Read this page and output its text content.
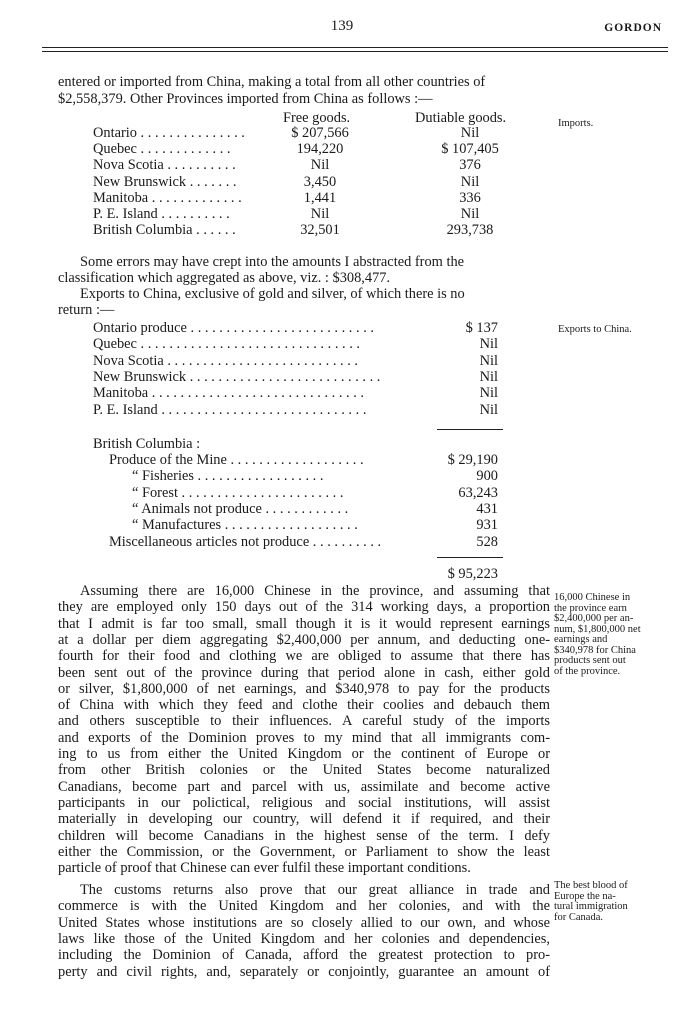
139	GORDON
entered or imported from China, making a total from all other countries of
$2,558,379. Other Provinces imported from China as follows :—
Free goods.	Dutiable goods.	Imports.
Ontario . . . . . . . . . . . . . . .	$ 207,566	Nil
Quebec . . . . . . . . . . . . .	194,220	$ 107,405
Nova Scotia . . . . . . . . . .	Nil	376
New Brunswick . . . . . . .	3,450	Nil
Manitoba . . . . . . . . . . . . .	1,441	336
P. E. Island . . . . . . . . . .	Nil	Nil
British Columbia . . . . . .	32,501	293,738
Some errors may have crept into the amounts I abstracted from the
classification which aggregated as above, viz. : $308,477.
Exports to China, exclusive of gold and silver, of which there is no
return :—
Exports to China.
Ontario produce . . . . . . . . . . . . . . . . . . . . . . . . . .	$ 137
Quebec . . . . . . . . . . . . . . . . . . . . . . . . . . . . . . .	Nil
Nova Scotia . . . . . . . . . . . . . . . . . . . . . . . . . . .	Nil
New Brunswick . . . . . . . . . . . . . . . . . . . . . . . . . . .	Nil
Manitoba . . . . . . . . . . . . . . . . . . . . . . . . . . . . . .	Nil
P. E. Island . . . . . . . . . . . . . . . . . . . . . . . . . . . . .	Nil
British Columbia :
Produce of the Mine . . . . . . . . . . . . . . . . . . .	$ 29,190
“ Fisheries . . . . . . . . . . . . . . . . . .	900
“ Forest . . . . . . . . . . . . . . . . . . . . . . .	63,243
“ Animals not produce . . . . . . . . . . . .	431
“ Manufactures . . . . . . . . . . . . . . . . . . .	931
Miscellaneous articles not produce . . . . . . . . . .	528
$ 95,223
Assuming there are 16,000 Chinese in the province, and assuming that
they are employed only 150 days out of the 314 working days, a proportion
that I admit is far too small, small though it is it would represent earnings
at a dollar per diem aggregating $2,400,000 per annum, and deducting one-
fourth for their food and clothing we are obliged to assume that there has
been sent out of the province during that period alone in cash, either gold
or silver, $1,800,000 of net earnings, and $340,978 to pay for the products
of China with which they feed and clothe their coolies and debauch them
and others susceptible to their influences. A careful study of the imports
and exports of the Dominion proves to my mind that all immigrants com-
ing to us from either the United Kingdom or the continent of Europe or
from other British colonies or the United States become naturalized
Canadians, become part and parcel with us, assimilate and become active
participants in our polictical, religious and social institutions, will assist
materially in developing our country, will defend it if required, and their
children will become Canadians in the highest sense of the term. I defy
either the Commission, or the Government, or Parliament to show the least
particle of proof that Chinese can ever fulfil these important conditions.
16,000 Chinese in
the province earn
$2,400,000 per an-
num, $1,800,000 net
earnings and
$340,978 for China
products sent out
of the province.
The customs returns also prove that our great alliance in trade and
commerce is with the United Kingdom and her colonies, and with the
United States whose institutions are so closely allied to our own, and whose
laws like those of the United Kingdom and her colonies and dependencies,
including the Dominion of Canada, afford the greatest protection to pro-
perty and civil rights, and, separately or conjointly, guarantee an amount of
The best blood of
Europe the na-
tural immigration
for Canada.
